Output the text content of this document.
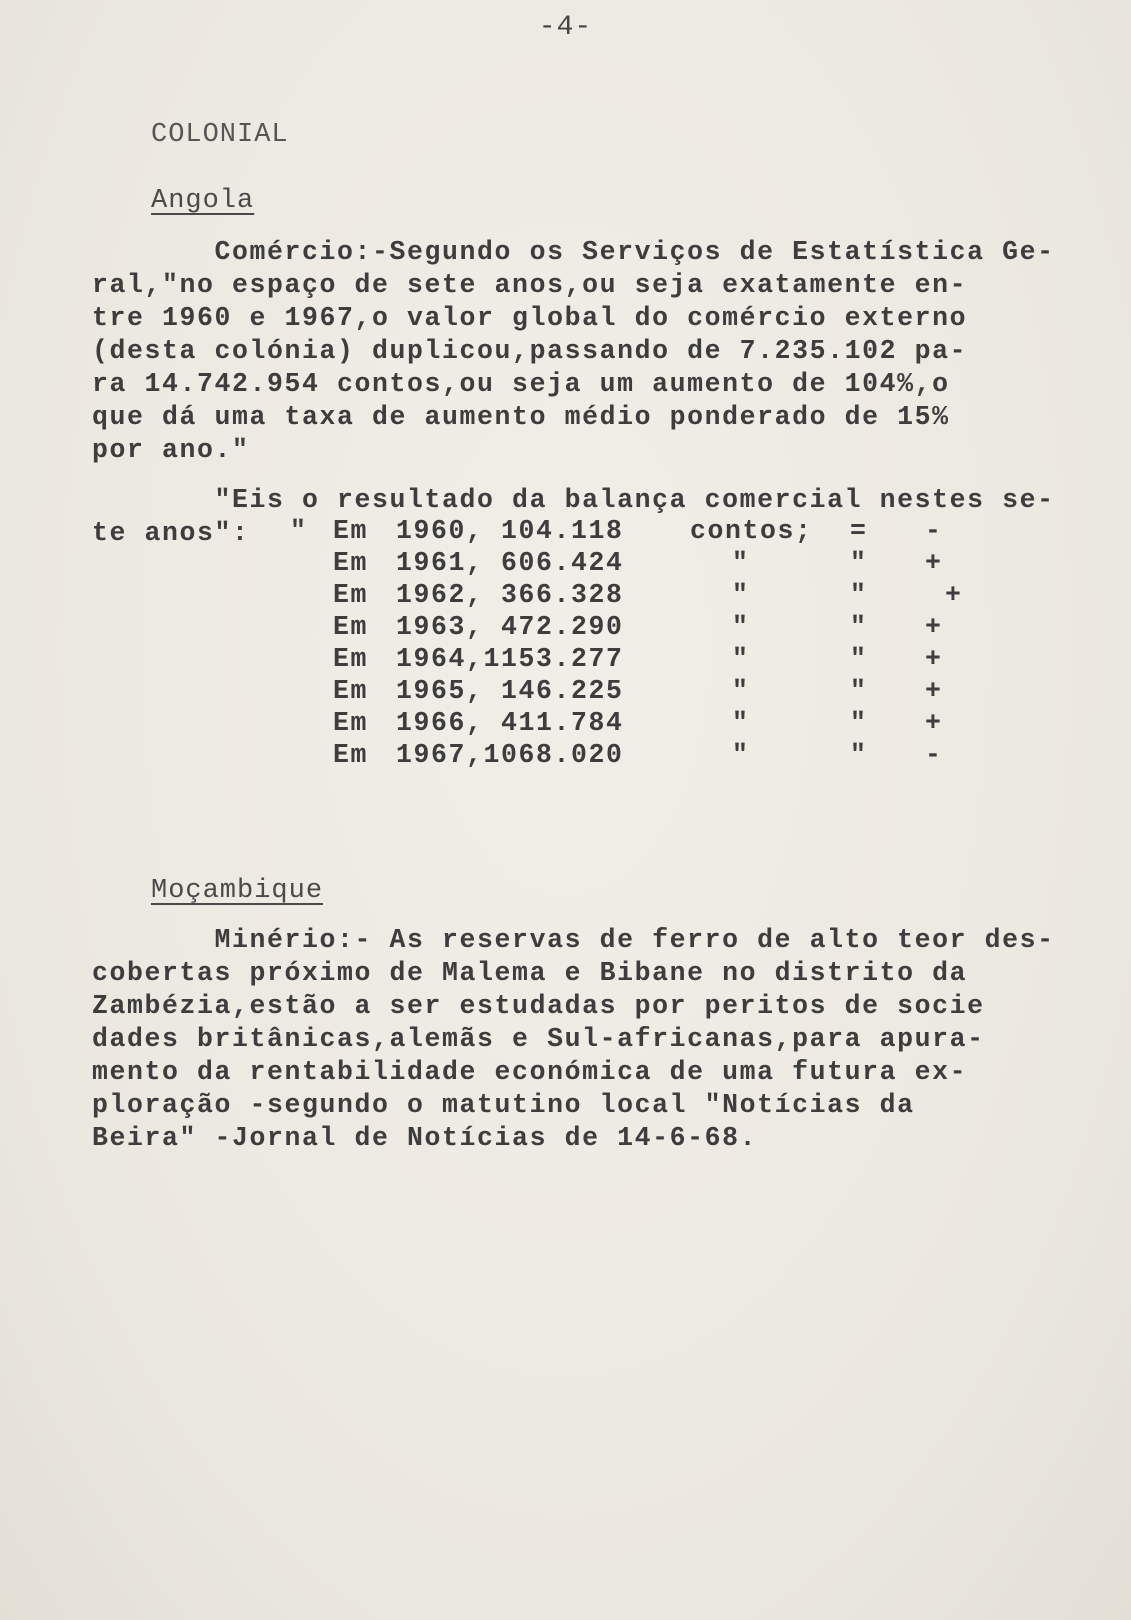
-4-
COLONIAL
Angola

Comércio:-Segundo os Serviços de Estatística Ge-
ral,"no espaço de sete anos,ou seja exatamente en-
tre 1960 e 1967,o valor global do comércio externo
(desta colónia) duplicou,passando de 7.235.102 pa-
ra 14.742.954 contos,ou seja um aumento de 104%,o
que dá uma taxa de aumento médio ponderado de 15%
por ano."

"Eis o resultado da balança comercial nestes se-
te anos":	" Em 1960, 104.118	contos; = -
Em 1961, 606.424	"	" +
Em 1962, 366.328	"	"	+
Em 1963, 472.290	"	" +
Em 1964,1153.277	"	" +
Em 1965, 146.225	"	" +
Em 1966, 411.784	"	" +
Em 1967,1068.020	"	" -
Moçambique

Minério:- As reservas de ferro de alto teor des-
cobertas próximo de Malema e Bibane no distrito da
Zambézia,estão a ser estudadas por peritos de socie
dades britânicas,alemãs e Sul-africanas,para apura-
mento da rentabilidade económica de uma futura ex-
ploração -segundo o matutino local "Notícias da
Beira" -Jornal de Notícias de 14-6-68.
